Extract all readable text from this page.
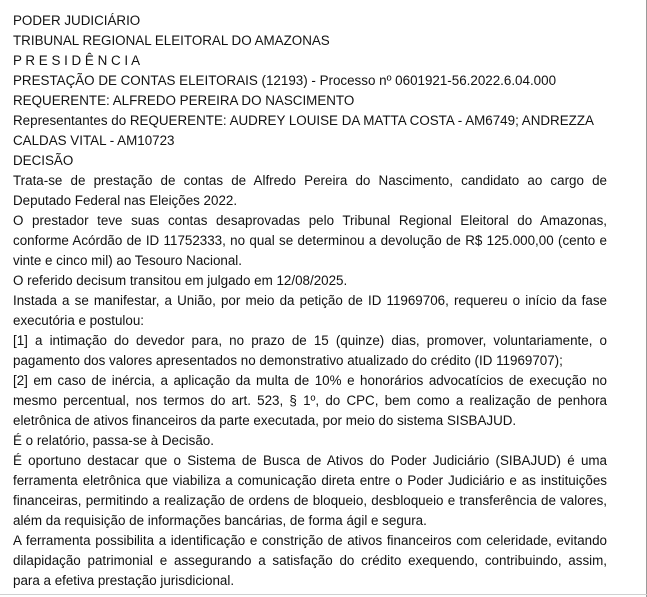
PODER JUDICIÁRIO

TRIBUNAL REGIONAL ELEITORAL DO AMAZONAS

P R E S I D Ê N C I A

PRESTAÇÃO DE CONTAS ELEITORAIS (12193) - Processo nº 0601921-56.2022.6.04.000

REQUERENTE: ALFREDO PEREIRA DO NASCIMENTO

Representantes do REQUERENTE: AUDREY LOUISE DA MATTA COSTA - AM6749; ANDREZZA CALDAS VITAL - AM10723

DECISÃO

Trata-se de prestação de contas de Alfredo Pereira do Nascimento, candidato ao cargo de Deputado Federal nas Eleições 2022.

O prestador teve suas contas desaprovadas pelo Tribunal Regional Eleitoral do Amazonas, conforme Acórdão de ID 11752333, no qual se determinou a devolução de R$ 125.000,00 (cento e vinte e cinco mil) ao Tesouro Nacional.

O referido decisum transitou em julgado em 12/08/2025.

Instada a se manifestar, a União, por meio da petição de ID 11969706, requereu o início da fase executória e postulou:

[1] a intimação do devedor para, no prazo de 15 (quinze) dias, promover, voluntariamente, o pagamento dos valores apresentados no demonstrativo atualizado do crédito (ID 11969707);

[2] em caso de inércia, a aplicação da multa de 10% e honorários advocatícios de execução no mesmo percentual, nos termos do art. 523, § 1º, do CPC, bem como a realização de penhora eletrônica de ativos financeiros da parte executada, por meio do sistema SISBAJUD.

É o relatório, passa-se à Decisão.

É oportuno destacar que o Sistema de Busca de Ativos do Poder Judiciário (SIBAJUD) é uma ferramenta eletrônica que viabiliza a comunicação direta entre o Poder Judiciário e as instituições financeiras, permitindo a realização de ordens de bloqueio, desbloqueio e transferência de valores, além da requisição de informações bancárias, de forma ágil e segura.

A ferramenta possibilita a identificação e constrição de ativos financeiros com celeridade, evitando dilapidação patrimonial e assegurando a satisfação do crédito exequendo, contribuindo, assim, para a efetiva prestação jurisdicional.
